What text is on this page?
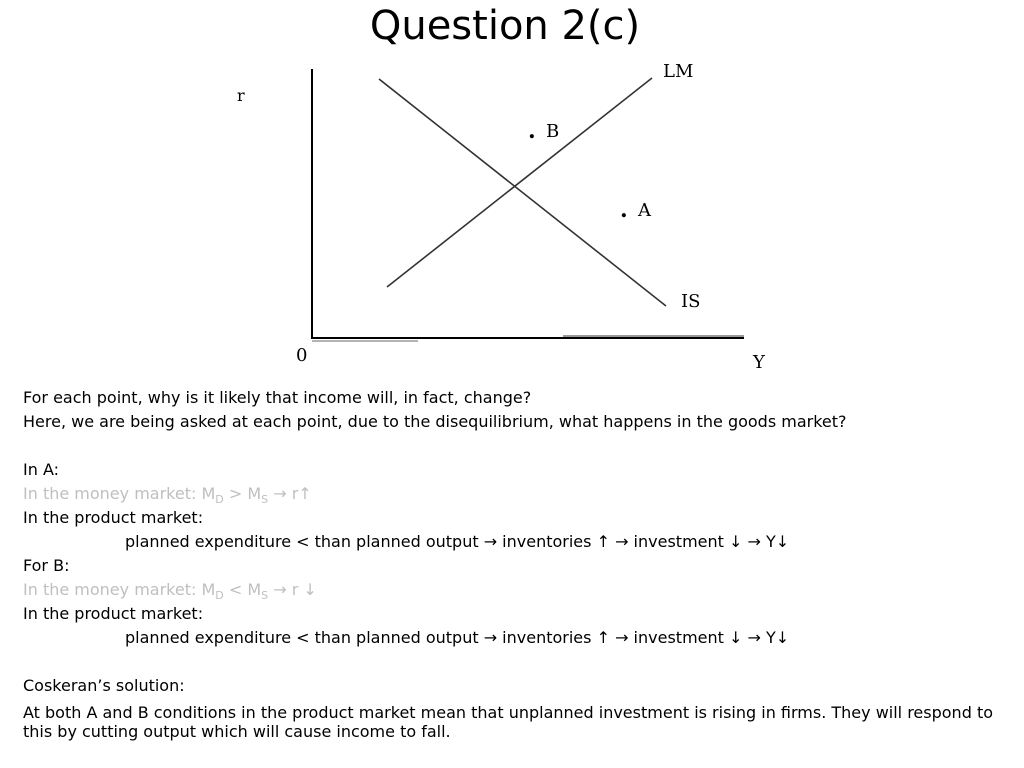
Question 2(c)
r
Y
0
LM
IS
. B
. A
For each point, why is it likely that income will, in fact, change?
Here, we are being asked at each point, due to the disequilibrium, what happens in the goods market?
In A:
In the money market: $M_D > M_S$ → r↑
In the product market:
planned expenditure < than planned output → inventories ↑ → investment ↓ → Y↓
For B:
In the money market: $M_D < M_S \to r$ ↓
In the product market:
planned expenditure < than planned output → inventories ↑ → investment ↓ → Y↓
Coskeran’s solution:
At both A and B conditions in the product market mean that unplanned investment is rising in firms. They will respond to this by cutting output which will cause income to fall.
